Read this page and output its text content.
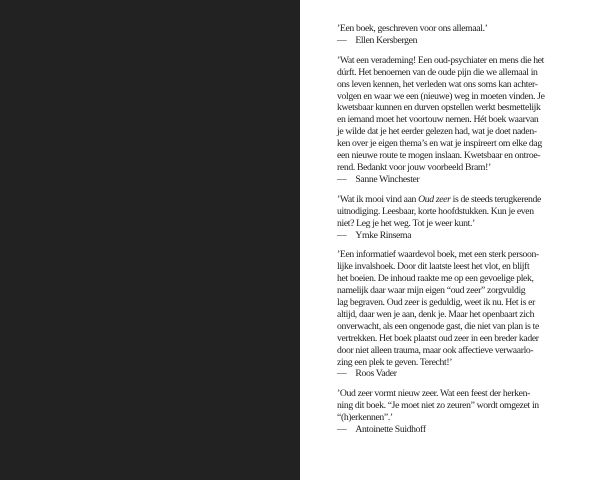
’Een boek, geschreven voor ons allemaal.’
— Ellen Kersbergen
’Wat een verademing! Een oud-psychiater en mens die het
dúrft. Het benoemen van de oude pijn die we allemaal in
ons leven kennen, het verleden wat ons soms kan achter-
volgen en waar we een (nieuwe) weg in moeten vinden. Je
kwetsbaar kunnen en durven opstellen werkt besmettelijk
en iemand moet het voortouw nemen. Hét boek waarvan
je wilde dat je het eerder gelezen had, wat je doet naden-
ken over je eigen thema’s en wat je inspireert om elke dag
een nieuwe route te mogen inslaan. Kwetsbaar en ontroe-
rend. Bedankt voor jouw voorbeeld Bram!’
— Sanne Winchester
’Wat ik mooi vind aan Oud zeer is de steeds terugkerende
uitnodiging. Leesbaar, korte hoofdstukken. Kun je even
niet? Leg je het weg. Tot je weer kunt.’
— Ymke Rinsema
’Een informatief waardevol boek, met een sterk persoon-
lijke invalshoek. Door dit laatste leest het vlot, en blijft
het boeien. De inhoud raakte me op een gevoelige plek,
namelijk daar waar mijn eigen “oud zeer” zorgvuldig
lag begraven. Oud zeer is geduldig, weet ik nu. Het is er
altijd, daar wen je aan, denk je. Maar het openbaart zich
onverwacht, als een ongenode gast, die niet van plan is te
vertrekken. Het boek plaatst oud zeer in een breder kader
door niet alleen trauma, maar ook affectieve verwaarlo-
zing een plek te geven. Terecht!’
— Roos Vader
’Oud zeer vormt nieuw zeer. Wat een feest der herken-
ning dit boek. “Je moet niet zo zeuren” wordt omgezet in
“(h)erkennen”.’
— Antoinette Suidhoff
